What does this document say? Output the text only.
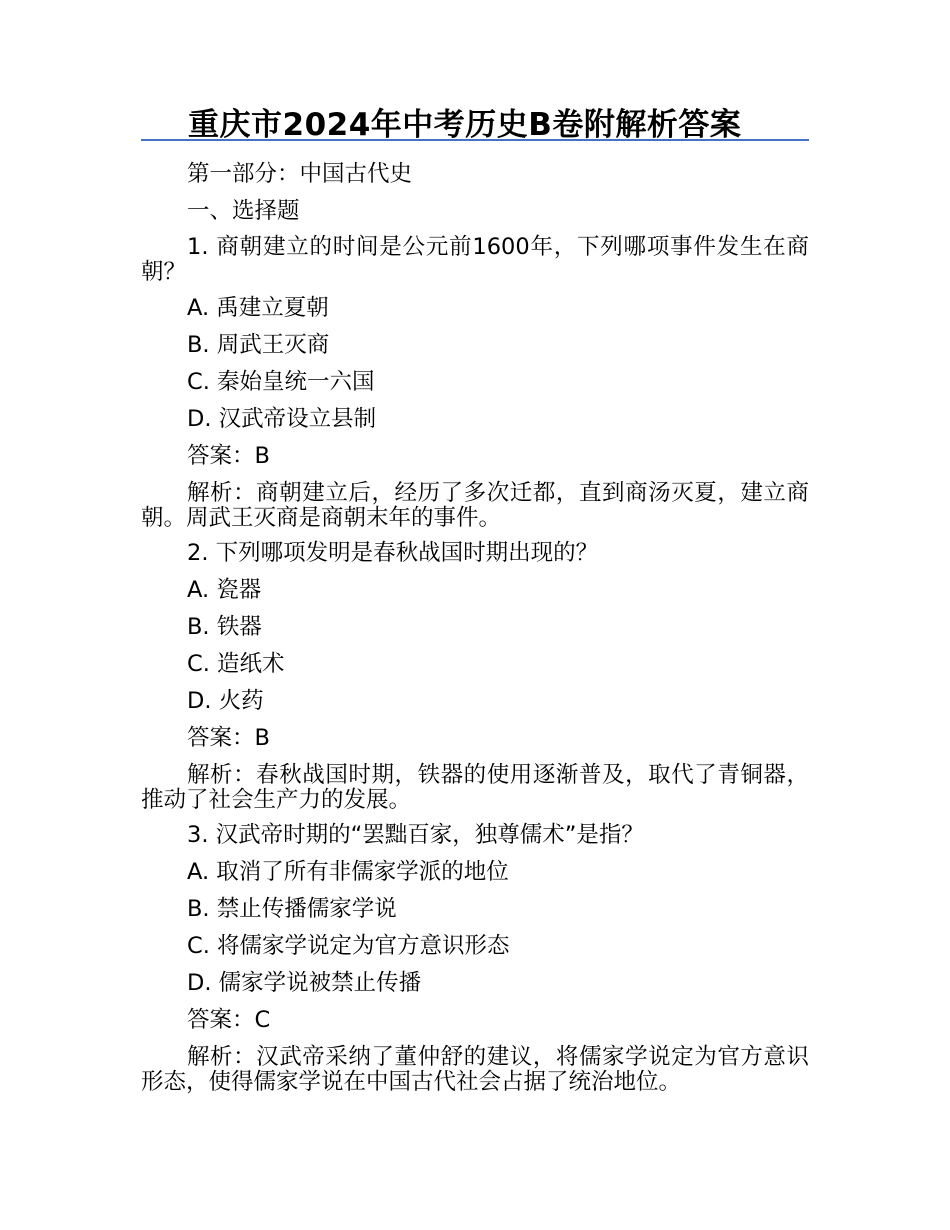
重庆市2024年中考历史B卷附解析答案
第一部分：中国古代史
一、选择题
1. 商朝建立的时间是公元前1600年，下列哪项事件发生在商朝？
A. 禹建立夏朝
B. 周武王灭商
C. 秦始皇统一六国
D. 汉武帝设立县制
答案：B
解析：商朝建立后，经历了多次迁都，直到商汤灭夏，建立商朝。周武王灭商是商朝末年的事件。
2. 下列哪项发明是春秋战国时期出现的？
A. 瓷器
B. 铁器
C. 造纸术
D. 火药
答案：B
解析：春秋战国时期，铁器的使用逐渐普及，取代了青铜器，推动了社会生产力的发展。
3. 汉武帝时期的“罢黜百家，独尊儒术”是指？
A. 取消了所有非儒家学派的地位
B. 禁止传播儒家学说
C. 将儒家学说定为官方意识形态
D. 儒家学说被禁止传播
答案：C
解析：汉武帝采纳了董仲舒的建议，将儒家学说定为官方意识形态，使得儒家学说在中国古代社会占据了统治地位。
